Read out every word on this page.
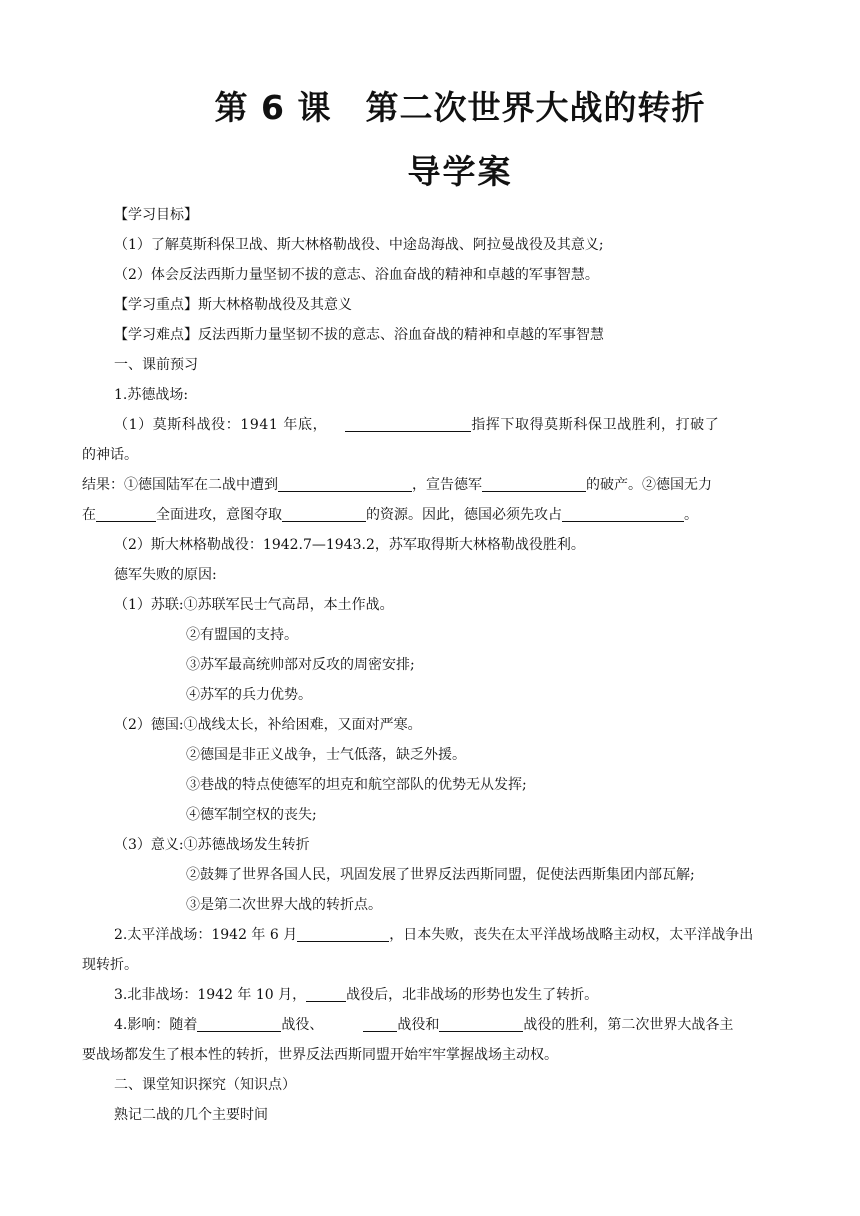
第 6 课　第二次世界大战的转折
导学案

【学习目标】

（1）了解莫斯科保卫战、斯大林格勒战役、中途岛海战、阿拉曼战役及其意义;

（2）体会反法西斯力量坚韧不拔的意志、浴血奋战的精神和卓越的军事智慧。

【学习重点】斯大林格勒战役及其意义

【学习难点】反法西斯力量坚韧不拔的意志、浴血奋战的精神和卓越的军事智慧

一、课前预习

1.苏德战场:

（1）莫斯科战役：1941 年底，	指挥下取得莫斯科保卫战胜利，打破了

的神话。

结果：①德国陆军在二战中遭到	，宣告德军	的破产。②德国无力

在	全面进攻，意图夺取	的资源。因此，德国必须先攻占	。

（2）斯大林格勒战役：1942.7—1943.2，苏军取得斯大林格勒战役胜利。

德军失败的原因:

（1）苏联:①苏联军民士气高昂，本土作战。

②有盟国的支持。

③苏军最高统帅部对反攻的周密安排;

④苏军的兵力优势。

（2）德国:①战线太长，补给困难，又面对严寒。

②德国是非正义战争，士气低落，缺乏外援。

③巷战的特点使德军的坦克和航空部队的优势无从发挥;

④德军制空权的丧失;

（3）意义:①苏德战场发生转折

②鼓舞了世界各国人民，巩固发展了世界反法西斯同盟，促使法西斯集团内部瓦解;

③是第二次世界大战的转折点。

2.太平洋战场：1942 年 6 月	，日本失败，丧失在太平洋战场战略主动权，太平洋战争出

现转折。

3.北非战场：1942 年 10 月，	战役后，北非战场的形势也发生了转折。

4.影响：随着	战役、	战役和	战役的胜利，第二次世界大战各主

要战场都发生了根本性的转折，世界反法西斯同盟开始牢牢掌握战场主动权。

二、课堂知识探究（知识点）

熟记二战的几个主要时间
